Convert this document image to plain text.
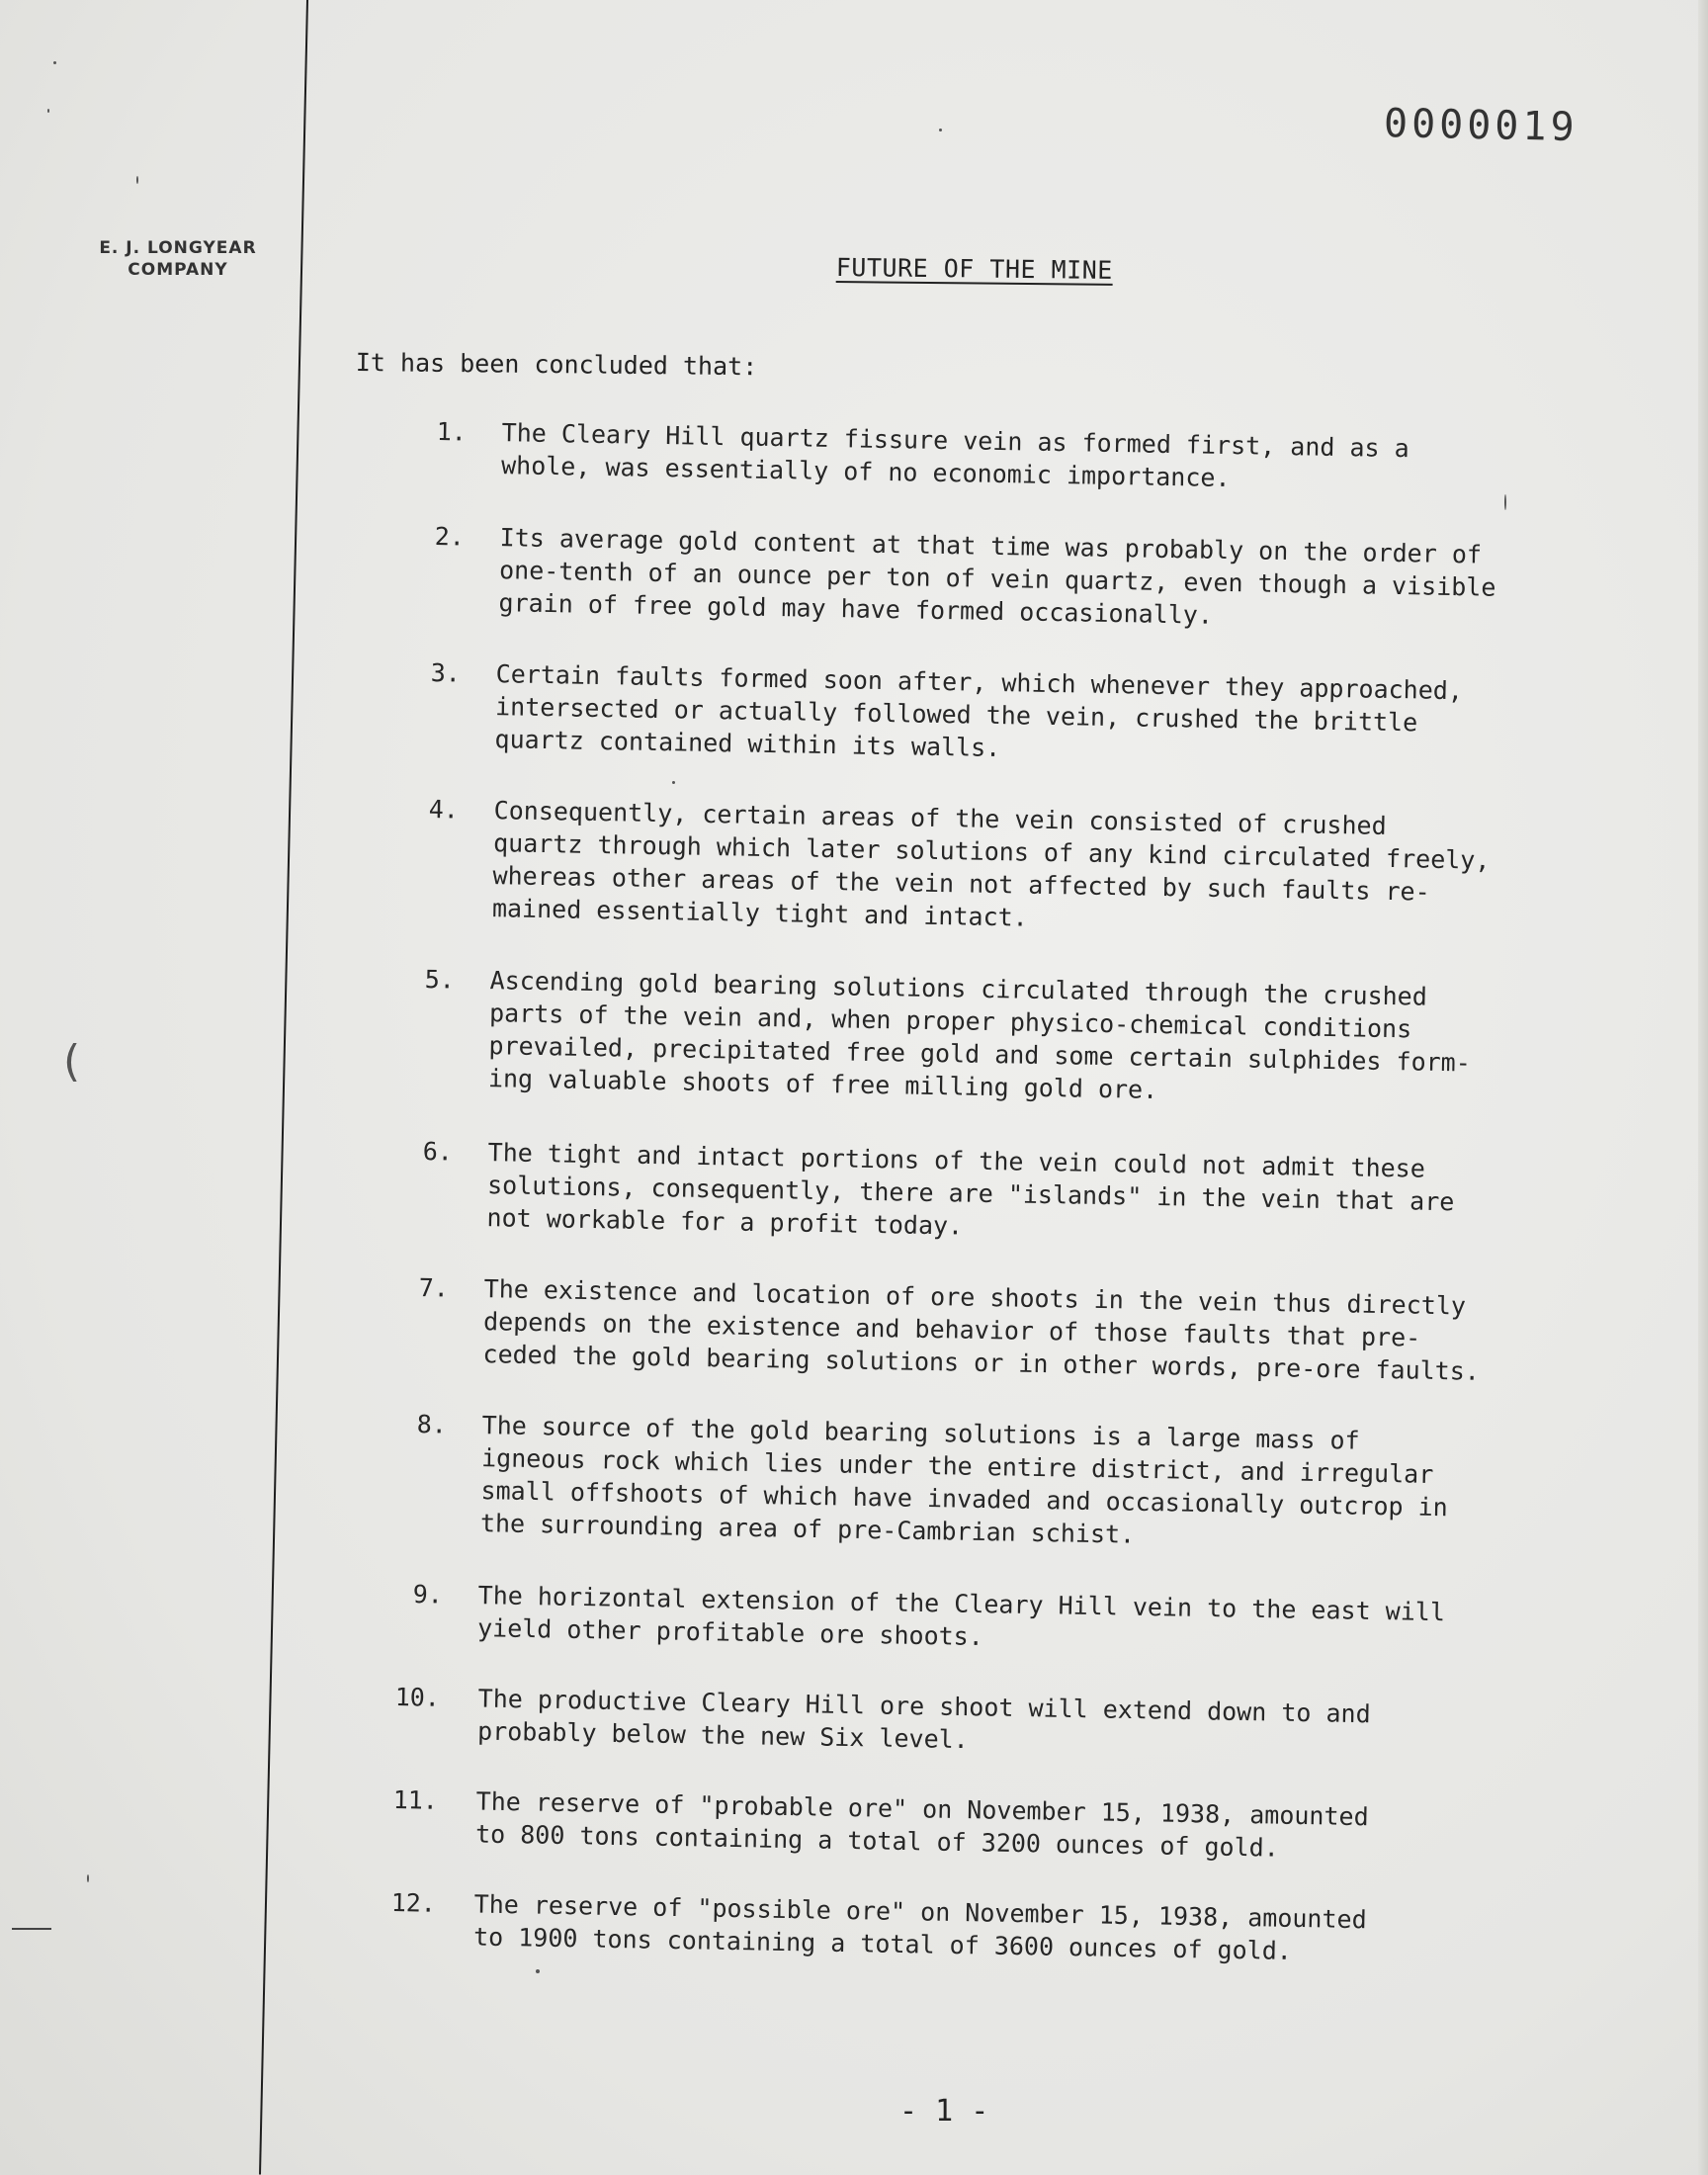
E. J. LONGYEAR
COMPANY
0000019
FUTURE OF THE MINE
It has been concluded that:
1. The Cleary Hill quartz fissure vein as formed first, and as a
whole, was essentially of no economic importance.
2. Its average gold content at that time was probably on the order of
one-tenth of an ounce per ton of vein quartz, even though a visible
grain of free gold may have formed occasionally.
3. Certain faults formed soon after, which whenever they approached,
intersected or actually followed the vein, crushed the brittle
quartz contained within its walls.
4. Consequently, certain areas of the vein consisted of crushed
quartz through which later solutions of any kind circulated freely,
whereas other areas of the vein not affected by such faults re-
mained essentially tight and intact.
5. Ascending gold bearing solutions circulated through the crushed
parts of the vein and, when proper physico-chemical conditions
prevailed, precipitated free gold and some certain sulphides form-
ing valuable shoots of free milling gold ore.
6. The tight and intact portions of the vein could not admit these
solutions, consequently, there are "islands" in the vein that are
not workable for a profit today.
7. The existence and location of ore shoots in the vein thus directly
depends on the existence and behavior of those faults that pre-
ceded the gold bearing solutions or in other words, pre-ore faults.
8. The source of the gold bearing solutions is a large mass of
igneous rock which lies under the entire district, and irregular
small offshoots of which have invaded and occasionally outcrop in
the surrounding area of pre-Cambrian schist.
9. The horizontal extension of the Cleary Hill vein to the east will
yield other profitable ore shoots.
10. The productive Cleary Hill ore shoot will extend down to and
probably below the new Six level.
11. The reserve of "probable ore" on November 15, 1938, amounted
to 800 tons containing a total of 3200 ounces of gold.
12. The reserve of "possible ore" on November 15, 1938, amounted
to 1900 tons containing a total of 3600 ounces of gold.
- 1 -
(
